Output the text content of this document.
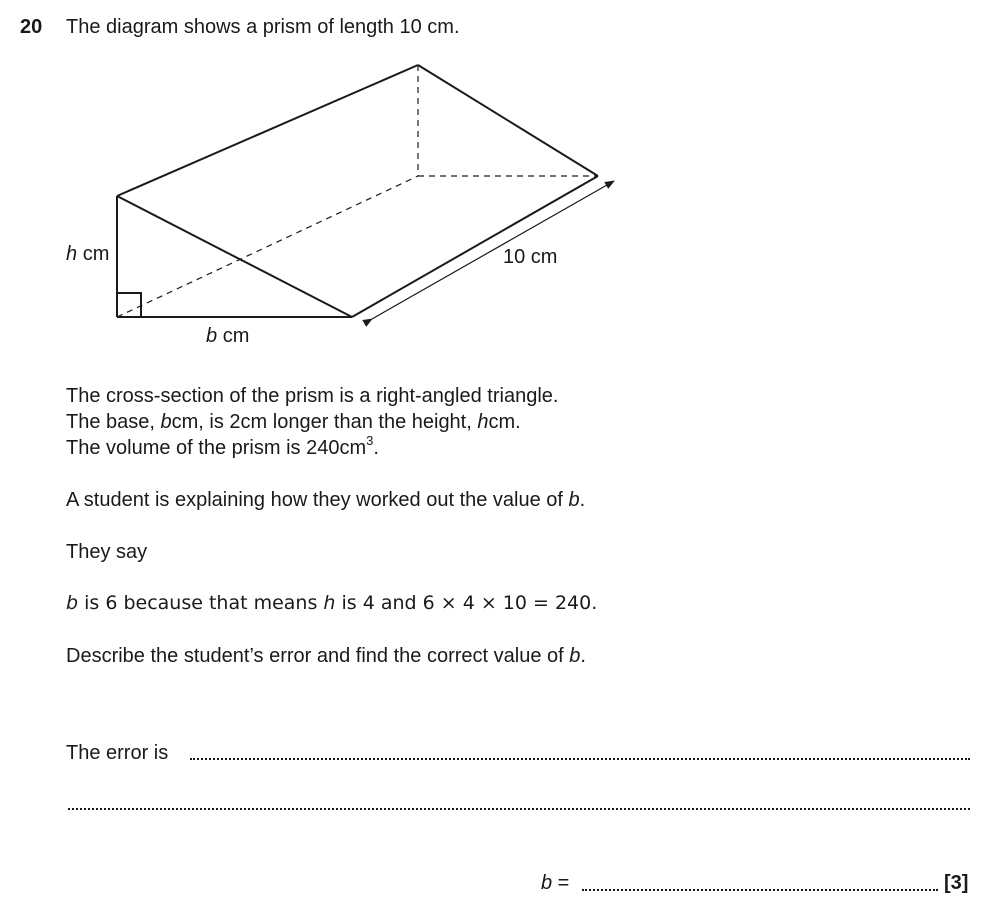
20 The diagram shows a prism of length 10 cm.
h cm
b cm
10 cm
The cross-section of the prism is a right-angled triangle.
The base, bcm, is 2cm longer than the height, hcm.
The volume of the prism is $240cm^3$.
A student is explaining how they worked out the value of b.
They say
b is 6 because that means h is 4 and 6 × 4 × 10 = 240.
Describe the student’s error and find the correct value of b.
The error is
b =	[3]
